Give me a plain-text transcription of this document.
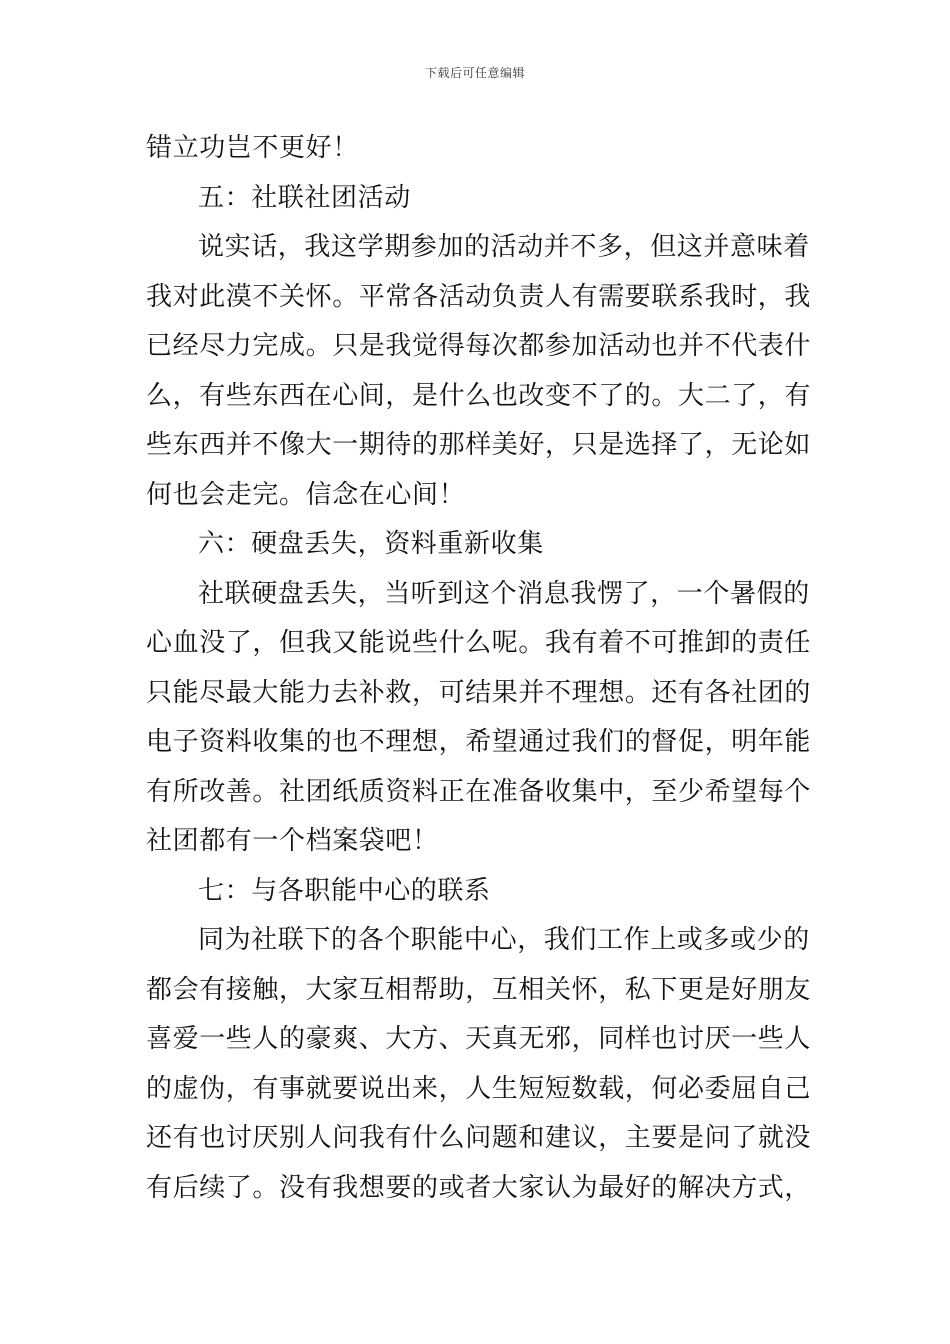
下载后可任意编辑
错立功岂不更好！
五：社联社团活动
说实话，我这学期参加的活动并不多，但这并意味着
我对此漠不关怀。平常各活动负责人有需要联系我时，我
已经尽力完成。只是我觉得每次都参加活动也并不代表什
么，有些东西在心间，是什么也改变不了的。大二了，有
些东西并不像大一期待的那样美好，只是选择了，无论如
何也会走完。信念在心间！
六：硬盘丢失，资料重新收集
社联硬盘丢失，当听到这个消息我愣了，一个暑假的
心血没了，但我又能说些什么呢。我有着不可推卸的责任
只能尽最大能力去补救，可结果并不理想。还有各社团的
电子资料收集的也不理想，希望通过我们的督促，明年能
有所改善。社团纸质资料正在准备收集中，至少希望每个
社团都有一个档案袋吧！
七：与各职能中心的联系
同为社联下的各个职能中心，我们工作上或多或少的
都会有接触，大家互相帮助，互相关怀，私下更是好朋友
喜爱一些人的豪爽、大方、天真无邪，同样也讨厌一些人
的虚伪，有事就要说出来，人生短短数载，何必委屈自己
还有也讨厌别人问我有什么问题和建议，主要是问了就没
有后续了。没有我想要的或者大家认为最好的解决方式，
